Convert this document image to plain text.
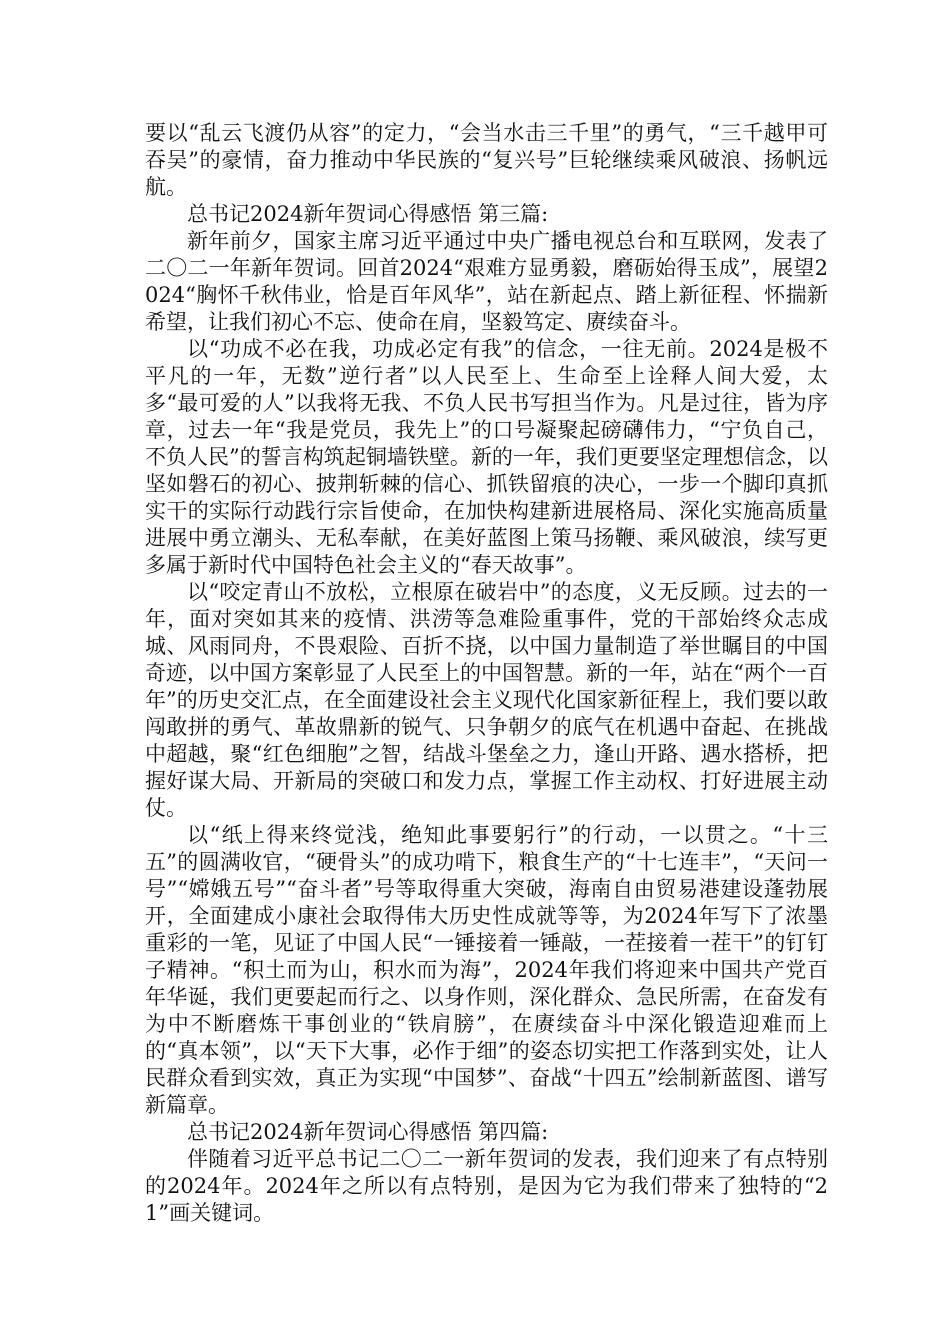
要以“乱云飞渡仍从容”的定力，“会当水击三千里”的勇气，“三千越甲可吞吴”的豪情，奋力推动中华民族的“复兴号”巨轮继续乘风破浪、扬帆远航。

总书记2024新年贺词心得感悟 第三篇:

新年前夕，国家主席习近平通过中央广播电视总台和互联网，发表了二〇二一年新年贺词。回首2024“艰难方显勇毅，磨砺始得玉成”，展望2024“胸怀千秋伟业，恰是百年风华”，站在新起点、踏上新征程、怀揣新希望，让我们初心不忘、使命在肩，坚毅笃定、赓续奋斗。

以“功成不必在我，功成必定有我”的信念，一往无前。2024是极不平凡的一年，无数”逆行者”以人民至上、生命至上诠释人间大爱，太多“最可爱的人”以我将无我、不负人民书写担当作为。凡是过往，皆为序章，过去一年“我是党员，我先上”的口号凝聚起磅礴伟力，“宁负自己，不负人民”的誓言构筑起铜墙铁壁。新的一年，我们更要坚定理想信念，以坚如磐石的初心、披荆斩棘的信心、抓铁留痕的决心，一步一个脚印真抓实干的实际行动践行宗旨使命，在加快构建新进展格局、深化实施高质量进展中勇立潮头、无私奉献，在美好蓝图上策马扬鞭、乘风破浪，续写更多属于新时代中国特色社会主义的“春天故事”。

以“咬定青山不放松，立根原在破岩中”的态度，义无反顾。过去的一年，面对突如其来的疫情、洪涝等急难险重事件，党的干部始终众志成城、风雨同舟，不畏艰险、百折不挠，以中国力量制造了举世瞩目的中国奇迹，以中国方案彰显了人民至上的中国智慧。新的一年，站在“两个一百年”的历史交汇点，在全面建设社会主义现代化国家新征程上，我们要以敢闯敢拼的勇气、革故鼎新的锐气、只争朝夕的底气在机遇中奋起、在挑战中超越，聚“红色细胞”之智，结战斗堡垒之力，逢山开路、遇水搭桥，把握好谋大局、开新局的突破口和发力点，掌握工作主动权、打好进展主动仗。

以“纸上得来终觉浅，绝知此事要躬行”的行动，一以贯之。“十三五”的圆满收官，“硬骨头”的成功啃下，粮食生产的“十七连丰”，“天问一号”“嫦娥五号”“奋斗者”号等取得重大突破，海南自由贸易港建设蓬勃展开，全面建成小康社会取得伟大历史性成就等等，为2024年写下了浓墨重彩的一笔，见证了中国人民“一锤接着一锤敲，一茬接着一茬干”的钉钉子精神。“积土而为山，积水而为海”，2024年我们将迎来中国共产党百年华诞，我们更要起而行之、以身作则，深化群众、急民所需，在奋发有为中不断磨炼干事创业的“铁肩膀”，在赓续奋斗中深化锻造迎难而上的“真本领”，以“天下大事，必作于细”的姿态切实把工作落到实处，让人民群众看到实效，真正为实现“中国梦”、奋战“十四五”绘制新蓝图、谱写新篇章。

总书记2024新年贺词心得感悟 第四篇:

伴随着习近平总书记二〇二一新年贺词的发表，我们迎来了有点特别的2024年。2024年之所以有点特别，是因为它为我们带来了独特的“21”画关键词。
